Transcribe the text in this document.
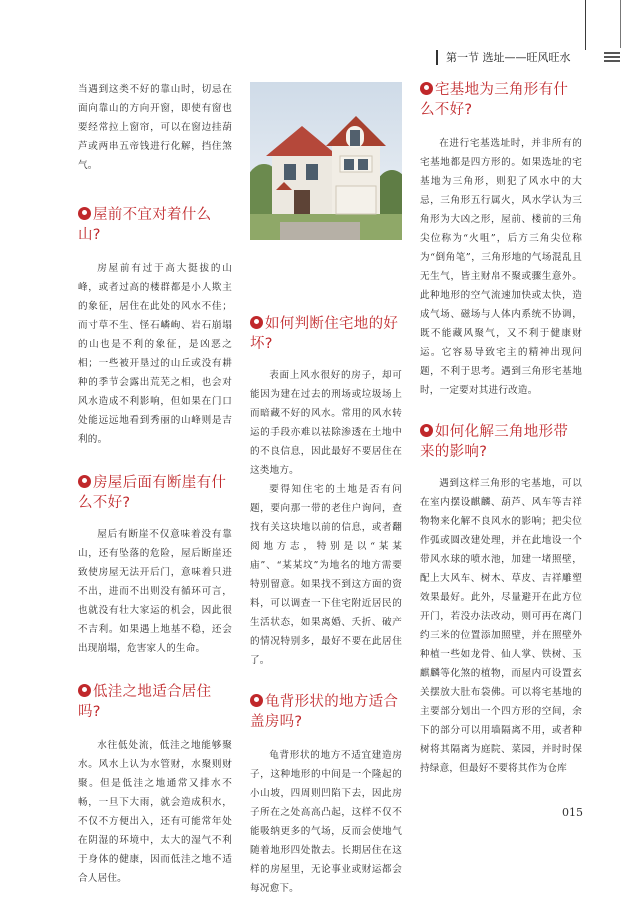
第一节 选址——旺风旺水

当遇到这类不好的靠山时，切忌在面向靠山的方向开窗，即使有窗也要经常拉上窗帘，可以在窗边挂葫芦或两串五帝钱进行化解，挡住煞气。

屋前不宜对着什么山?

房屋前有过于高大挺拔的山峰，或者过高的楼群都是小人欺主的象征，居住在此处的风水不佳；而寸草不生、怪石嶙峋、岩石崩塌的山也是不利的象征，是凶恶之相；一些被开垦过的山丘或没有耕种的季节会露出荒芜之相，也会对风水造成不利影响，但如果在门口处能远远地看到秀丽的山峰则是吉利的。

房屋后面有断崖有什么不好?

屋后有断崖不仅意味着没有靠山，还有坠落的危险，屋后断崖还致使房屋无法开后门，意味着只进不出，进而不出则没有循环可言，也就没有壮大家运的机会，因此很不吉利。如果遇上地基不稳，还会出现崩塌，危害家人的生命。

低洼之地适合居住吗?

水往低处流，低洼之地能够聚水。风水上认为水管财，水聚则财聚。但是低洼之地通常又排水不畅，一旦下大雨，就会造成积水，不仅不方便出入，还有可能常年处在阴湿的环境中，太大的湿气不利于身体的健康，因而低洼之地不适合人居住。

如何判断住宅地的好坏?

表面上风水很好的房子，却可能因为建在过去的刑场或垃圾场上而暗藏不好的风水。常用的风水转运的手段亦难以祛除渗透在土地中的不良信息，因此最好不要居住在这类地方。

要得知住宅的土地是否有问题，要向那一带的老住户询问，查找有关这块地以前的信息，或者翻阅地方志，特别是以“某某庙”、“某某坟”为地名的地方需要特别留意。如果找不到这方面的资料，可以调查一下住宅附近居民的生活状态，如果离婚、夭折、破产的情况特别多，最好不要在此居住了。

龟背形状的地方适合盖房吗?

龟背形状的地方不适宜建造房子，这种地形的中间是一个隆起的小山坡，四周则凹陷下去，因此房子所在之处高高凸起，这样不仅不能吸纳更多的气场，反而会使地气随着地形四处散去。长期居住在这样的房屋里，无论事业或财运都会每况愈下。

宅基地为三角形有什么不好?

在进行宅基选址时，并非所有的宅基地都是四方形的。如果选址的宅基地为三角形，则犯了风水中的大忌，三角形五行属火，风水学认为三角形为大凶之形，屋前、楼前的三角尖位称为“火咀”，后方三角尖位称为“倒角笔”，三角形地的气场混乱且无生气，皆主财帛不聚或骤生意外。此种地形的空气流速加快或太快，造成气场、磁场与人体内系统不协调，既不能藏风聚气，又不利于健康财运。它容易导致宅主的精神出现问题，不利于思考。遇到三角形宅基地时，一定要对其进行改造。

如何化解三角地形带来的影响?

遇到这样三角形的宅基地，可以在室内摆设麒麟、葫芦、风车等吉祥物物来化解不良风水的影响；把尖位作弧或圆改建处理，并在此地设一个带风水球的喷水池，加建一堵照壁，配上大风车、树木、草皮、吉祥雕塑效果最好。此外，尽量避开在此方位开门，若没办法改动，则可再在离门约三米的位置添加照壁，并在照壁外种植一些如龙骨、仙人掌、铁树、玉麒麟等化煞的植物，而屋内可设置玄关摆放大肚布袋佛。可以将宅基地的主要部分划出一个四方形的空间，余下的部分可以用墙隔离不用，或者种树将其隔离为庭院、菜园，并时时保持绿意，但最好不要将其作为仓库

015
